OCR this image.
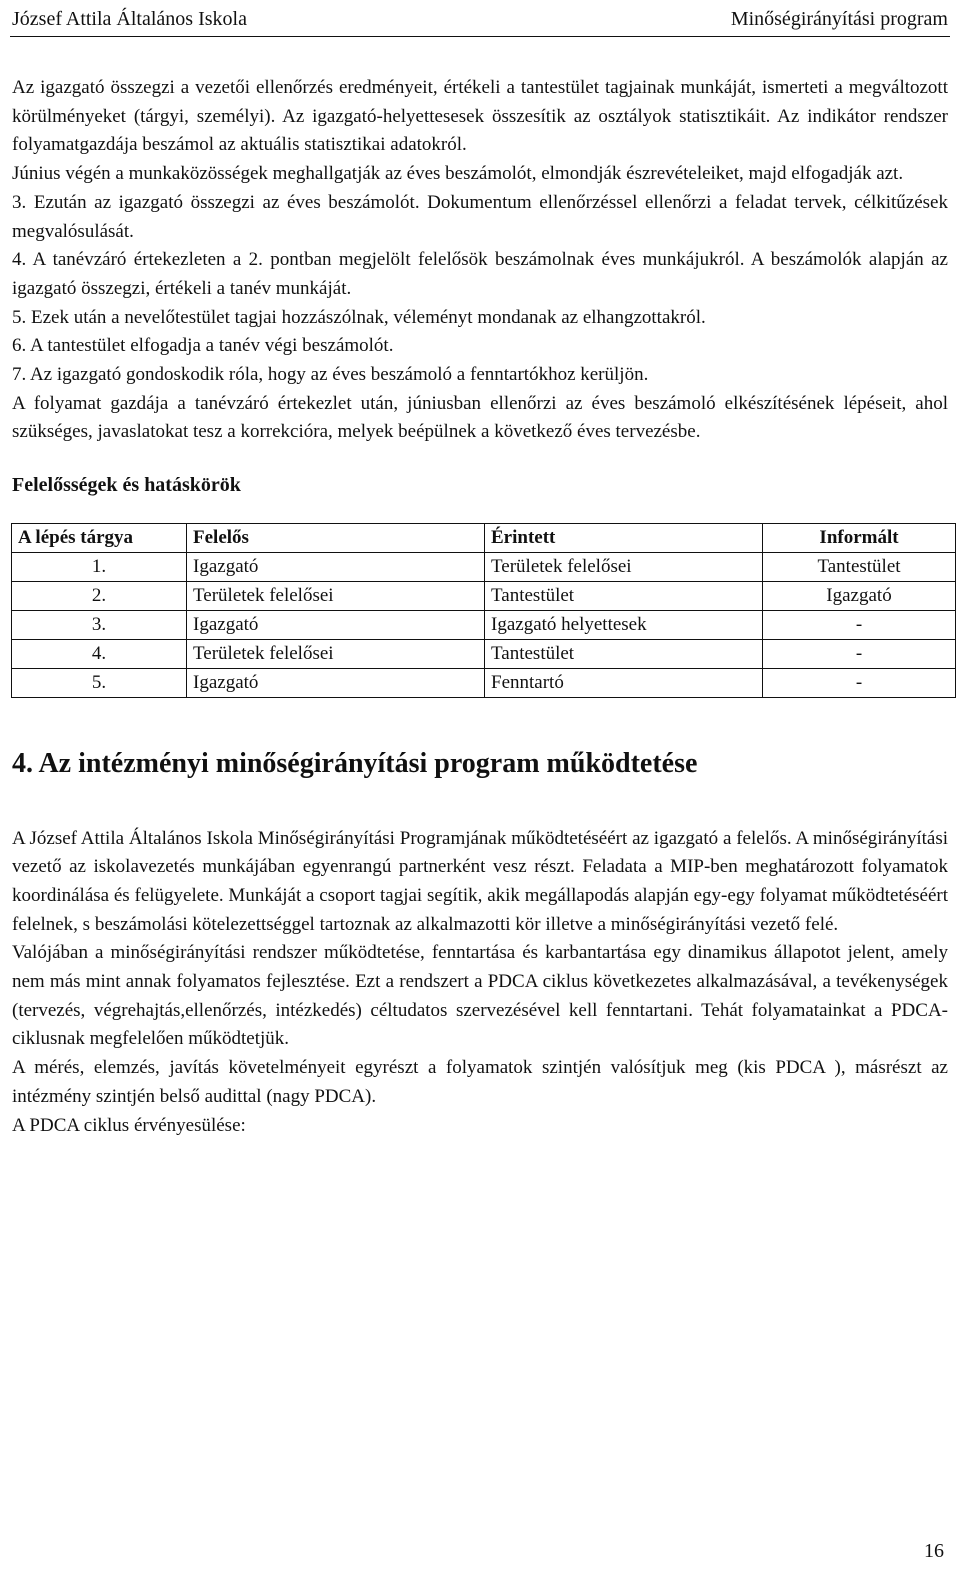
József Attila Általános Iskola	Minőségirányítási program

Az igazgató összegzi a vezetői ellenőrzés eredményeit, értékeli a tantestület tagjainak munkáját, ismerteti a megváltozott körülményeket (tárgyi, személyi). Az igazgató-helyettesesek összesítik az osztályok statisztikáit. Az indikátor rendszer folyamatgazdája beszámol az aktuális statisztikai adatokról.

Június végén a munkaközösségek meghallgatják az éves beszámolót, elmondják észrevételeiket, majd elfogadják azt.

3. Ezután az igazgató összegzi az éves beszámolót. Dokumentum ellenőrzéssel ellenőrzi a feladat tervek, célkitűzések megvalósulását.

4. A tanévzáró értekezleten a 2. pontban megjelölt felelősök beszámolnak éves munkájukról. A beszámolók alapján az igazgató összegzi, értékeli a tanév munkáját.

5. Ezek után a nevelőtestület tagjai hozzászólnak, véleményt mondanak az elhangzottakról.

6. A tantestület elfogadja a tanév végi beszámolót.

7. Az igazgató gondoskodik róla, hogy az éves beszámoló a fenntartókhoz kerüljön.

A folyamat gazdája a tanévzáró értekezlet után, júniusban ellenőrzi az éves beszámoló elkészítésének lépéseit, ahol szükséges, javaslatokat tesz a korrekcióra, melyek beépülnek a következő éves tervezésbe.

Felelősségek és hatáskörök
A lépés tárgya	Felelős	Érintett	Informált
1.	Igazgató	Területek felelősei	Tantestület
2.	Területek felelősei	Tantestület	Igazgató
3.	Igazgató	Igazgató helyettesek	-
4.	Területek felelősei	Tantestület	-
5.	Igazgató	Fenntartó	-
4. Az intézményi minőségirányítási program működtetése

A József Attila Általános Iskola Minőségirányítási Programjának működtetéséért az igazgató a felelős. A minőségirányítási vezető az iskolavezetés munkájában egyenrangú partnerként vesz részt. Feladata a MIP-ben meghatározott folyamatok koordinálása és felügyelete. Munkáját a csoport tagjai segítik, akik megállapodás alapján egy-egy folyamat működtetéséért felelnek, s beszámolási kötelezettséggel tartoznak az alkalmazotti kör illetve a minőségirányítási vezető felé.

Valójában a minőségirányítási rendszer működtetése, fenntartása és karbantartása egy dinamikus állapotot jelent, amely nem más mint annak folyamatos fejlesztése. Ezt a rendszert a PDCA ciklus következetes alkalmazásával, a tevékenységek (tervezés, végrehajtás,ellenőrzés, intézkedés) céltudatos szervezésével kell fenntartani. Tehát folyamatainkat a PDCA-ciklusnak megfelelően működtetjük.

A mérés, elemzés, javítás követelményeit egyrészt a folyamatok szintjén valósítjuk meg (kis PDCA ), másrészt az intézmény szintjén belső audittal (nagy PDCA).

A PDCA ciklus érvényesülése:

16
